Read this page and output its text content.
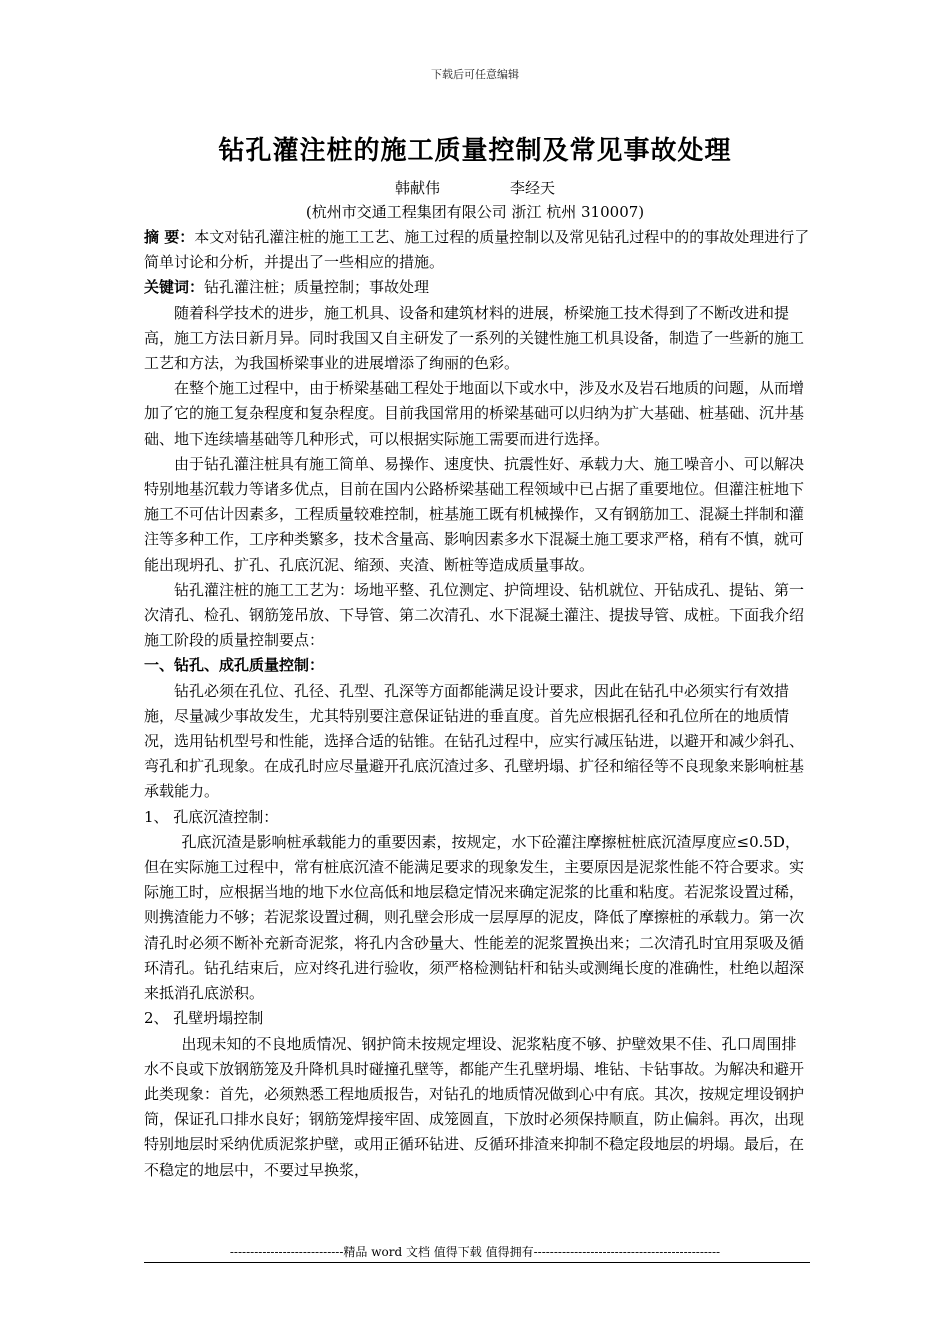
下载后可任意编辑
钻孔灌注桩的施工质量控制及常见事故处理
韩献伟	李经天
(杭州市交通工程集团有限公司 浙江 杭州 310007)

摘 要：本文对钻孔灌注桩的施工工艺、施工过程的质量控制以及常见钻孔过程中的的事故处理进行了简单讨论和分析，并提出了一些相应的措施。

关键词：钻孔灌注桩；质量控制；事故处理

随着科学技术的进步，施工机具、设备和建筑材料的进展，桥梁施工技术得到了不断改进和提高，施工方法日新月异。同时我国又自主研发了一系列的关键性施工机具设备，制造了一些新的施工工艺和方法，为我国桥梁事业的进展增添了绚丽的色彩。

在整个施工过程中，由于桥梁基础工程处于地面以下或水中，涉及水及岩石地质的问题，从而增加了它的施工复杂程度和复杂程度。目前我国常用的桥梁基础可以归纳为扩大基础、桩基础、沉井基础、地下连续墙基础等几种形式，可以根据实际施工需要而进行选择。

由于钻孔灌注桩具有施工简单、易操作、速度快、抗震性好、承载力大、施工噪音小、可以解决特别地基沉载力等诸多优点，目前在国内公路桥梁基础工程领域中已占据了重要地位。但灌注桩地下施工不可估计因素多，工程质量较难控制，桩基施工既有机械操作，又有钢筋加工、混凝土拌制和灌注等多种工作，工序种类繁多，技术含量高、影响因素多水下混凝土施工要求严格，稍有不慎，就可能出现坍孔、扩孔、孔底沉泥、缩颈、夹渣、断桩等造成质量事故。

钻孔灌注桩的施工工艺为：场地平整、孔位测定、护筒埋设、钻机就位、开钻成孔、提钻、第一次清孔、检孔、钢筋笼吊放、下导管、第二次清孔、水下混凝土灌注、提拔导管、成桩。下面我介绍施工阶段的质量控制要点：

一、钻孔、成孔质量控制：

钻孔必须在孔位、孔径、孔型、孔深等方面都能满足设计要求，因此在钻孔中必须实行有效措施，尽量减少事故发生，尤其特别要注意保证钻进的垂直度。首先应根据孔径和孔位所在的地质情况，选用钻机型号和性能，选择合适的钻锥。在钻孔过程中，应实行减压钻进，以避开和减少斜孔、弯孔和扩孔现象。在成孔时应尽量避开孔底沉渣过多、孔壁坍塌、扩径和缩径等不良现象来影响桩基承载能力。

1、 孔底沉渣控制：

孔底沉渣是影响桩承载能力的重要因素，按规定，水下砼灌注摩擦桩桩底沉渣厚度应≤0.5D，但在实际施工过程中，常有桩底沉渣不能满足要求的现象发生，主要原因是泥浆性能不符合要求。实际施工时，应根据当地的地下水位高低和地层稳定情况来确定泥浆的比重和粘度。若泥浆设置过稀，则携渣能力不够；若泥浆设置过稠，则孔壁会形成一层厚厚的泥皮，降低了摩擦桩的承载力。第一次清孔时必须不断补充新奇泥浆，将孔内含砂量大、性能差的泥浆置换出来；二次清孔时宜用泵吸及循环清孔。钻孔结束后，应对终孔进行验收，须严格检测钻杆和钻头或测绳长度的准确性，杜绝以超深来抵消孔底淤积。

2、 孔壁坍塌控制

出现未知的不良地质情况、钢护筒未按规定埋设、泥浆粘度不够、护壁效果不佳、孔口周围排水不良或下放钢筋笼及升降机具时碰撞孔壁等，都能产生孔壁坍塌、堆钻、卡钻事故。为解决和避开此类现象：首先，必须熟悉工程地质报告，对钻孔的地质情况做到心中有底。其次，按规定埋设钢护筒，保证孔口排水良好；钢筋笼焊接牢固、成笼圆直，下放时必须保持顺直，防止偏斜。再次，出现特别地层时采纳优质泥浆护壁，或用正循环钻进、反循环排渣来抑制不稳定段地层的坍塌。最后，在不稳定的地层中，不要过早换浆，

----------------------------精品 word 文档 值得下载 值得拥有----------------------------------------------
